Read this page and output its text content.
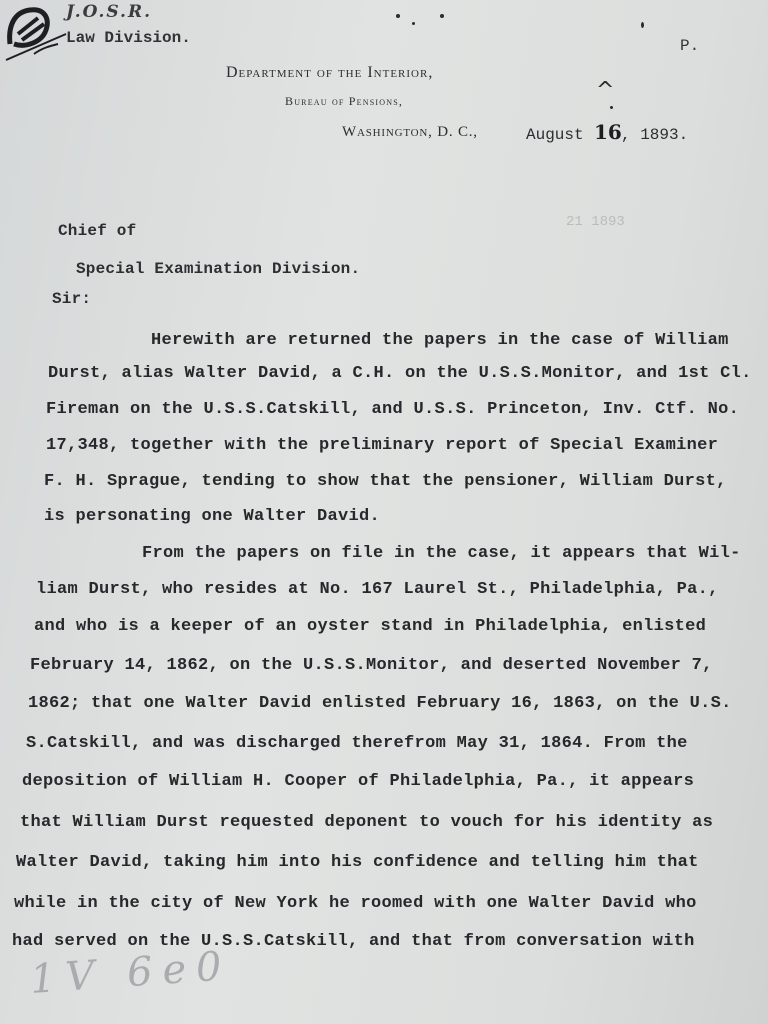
J.O.S.R.
Law Division.	P.
Department of the Interior,
Bureau of Pensions,
Washington, D. C.,	August
^
16 , 1893.
21 1893
Chief of
Special Examination Division.
Sir:
Herewith are returned the papers in the case of William
Durst, alias Walter David, a C.H. on the U.S.S.Monitor, and 1st Cl.
Fireman on the U.S.S.Catskill, and U.S.S. Princeton, Inv. Ctf. No.
17,348, together with the preliminary report of Special Examiner
F. H. Sprague, tending to show that the pensioner, William Durst,
is personating one Walter David.
From the papers on file in the case, it appears that Wil-
liam Durst, who resides at No. 167 Laurel St., Philadelphia, Pa.,
and who is a keeper of an oyster stand in Philadelphia, enlisted
February 14, 1862, on the U.S.S.Monitor, and deserted November 7,
1862; that one Walter David enlisted February 16, 1863, on the U.S.
S.Catskill, and was discharged therefrom May 31, 1864. From the
deposition of William H. Cooper of Philadelphia, Pa., it appears
that William Durst requested deponent to vouch for his identity as
Walter David, taking him into his confidence and telling him that
while in the city of New York he roomed with one Walter David who
had served on the U.S.S.Catskill, and that from conversation with
1V 6e0
